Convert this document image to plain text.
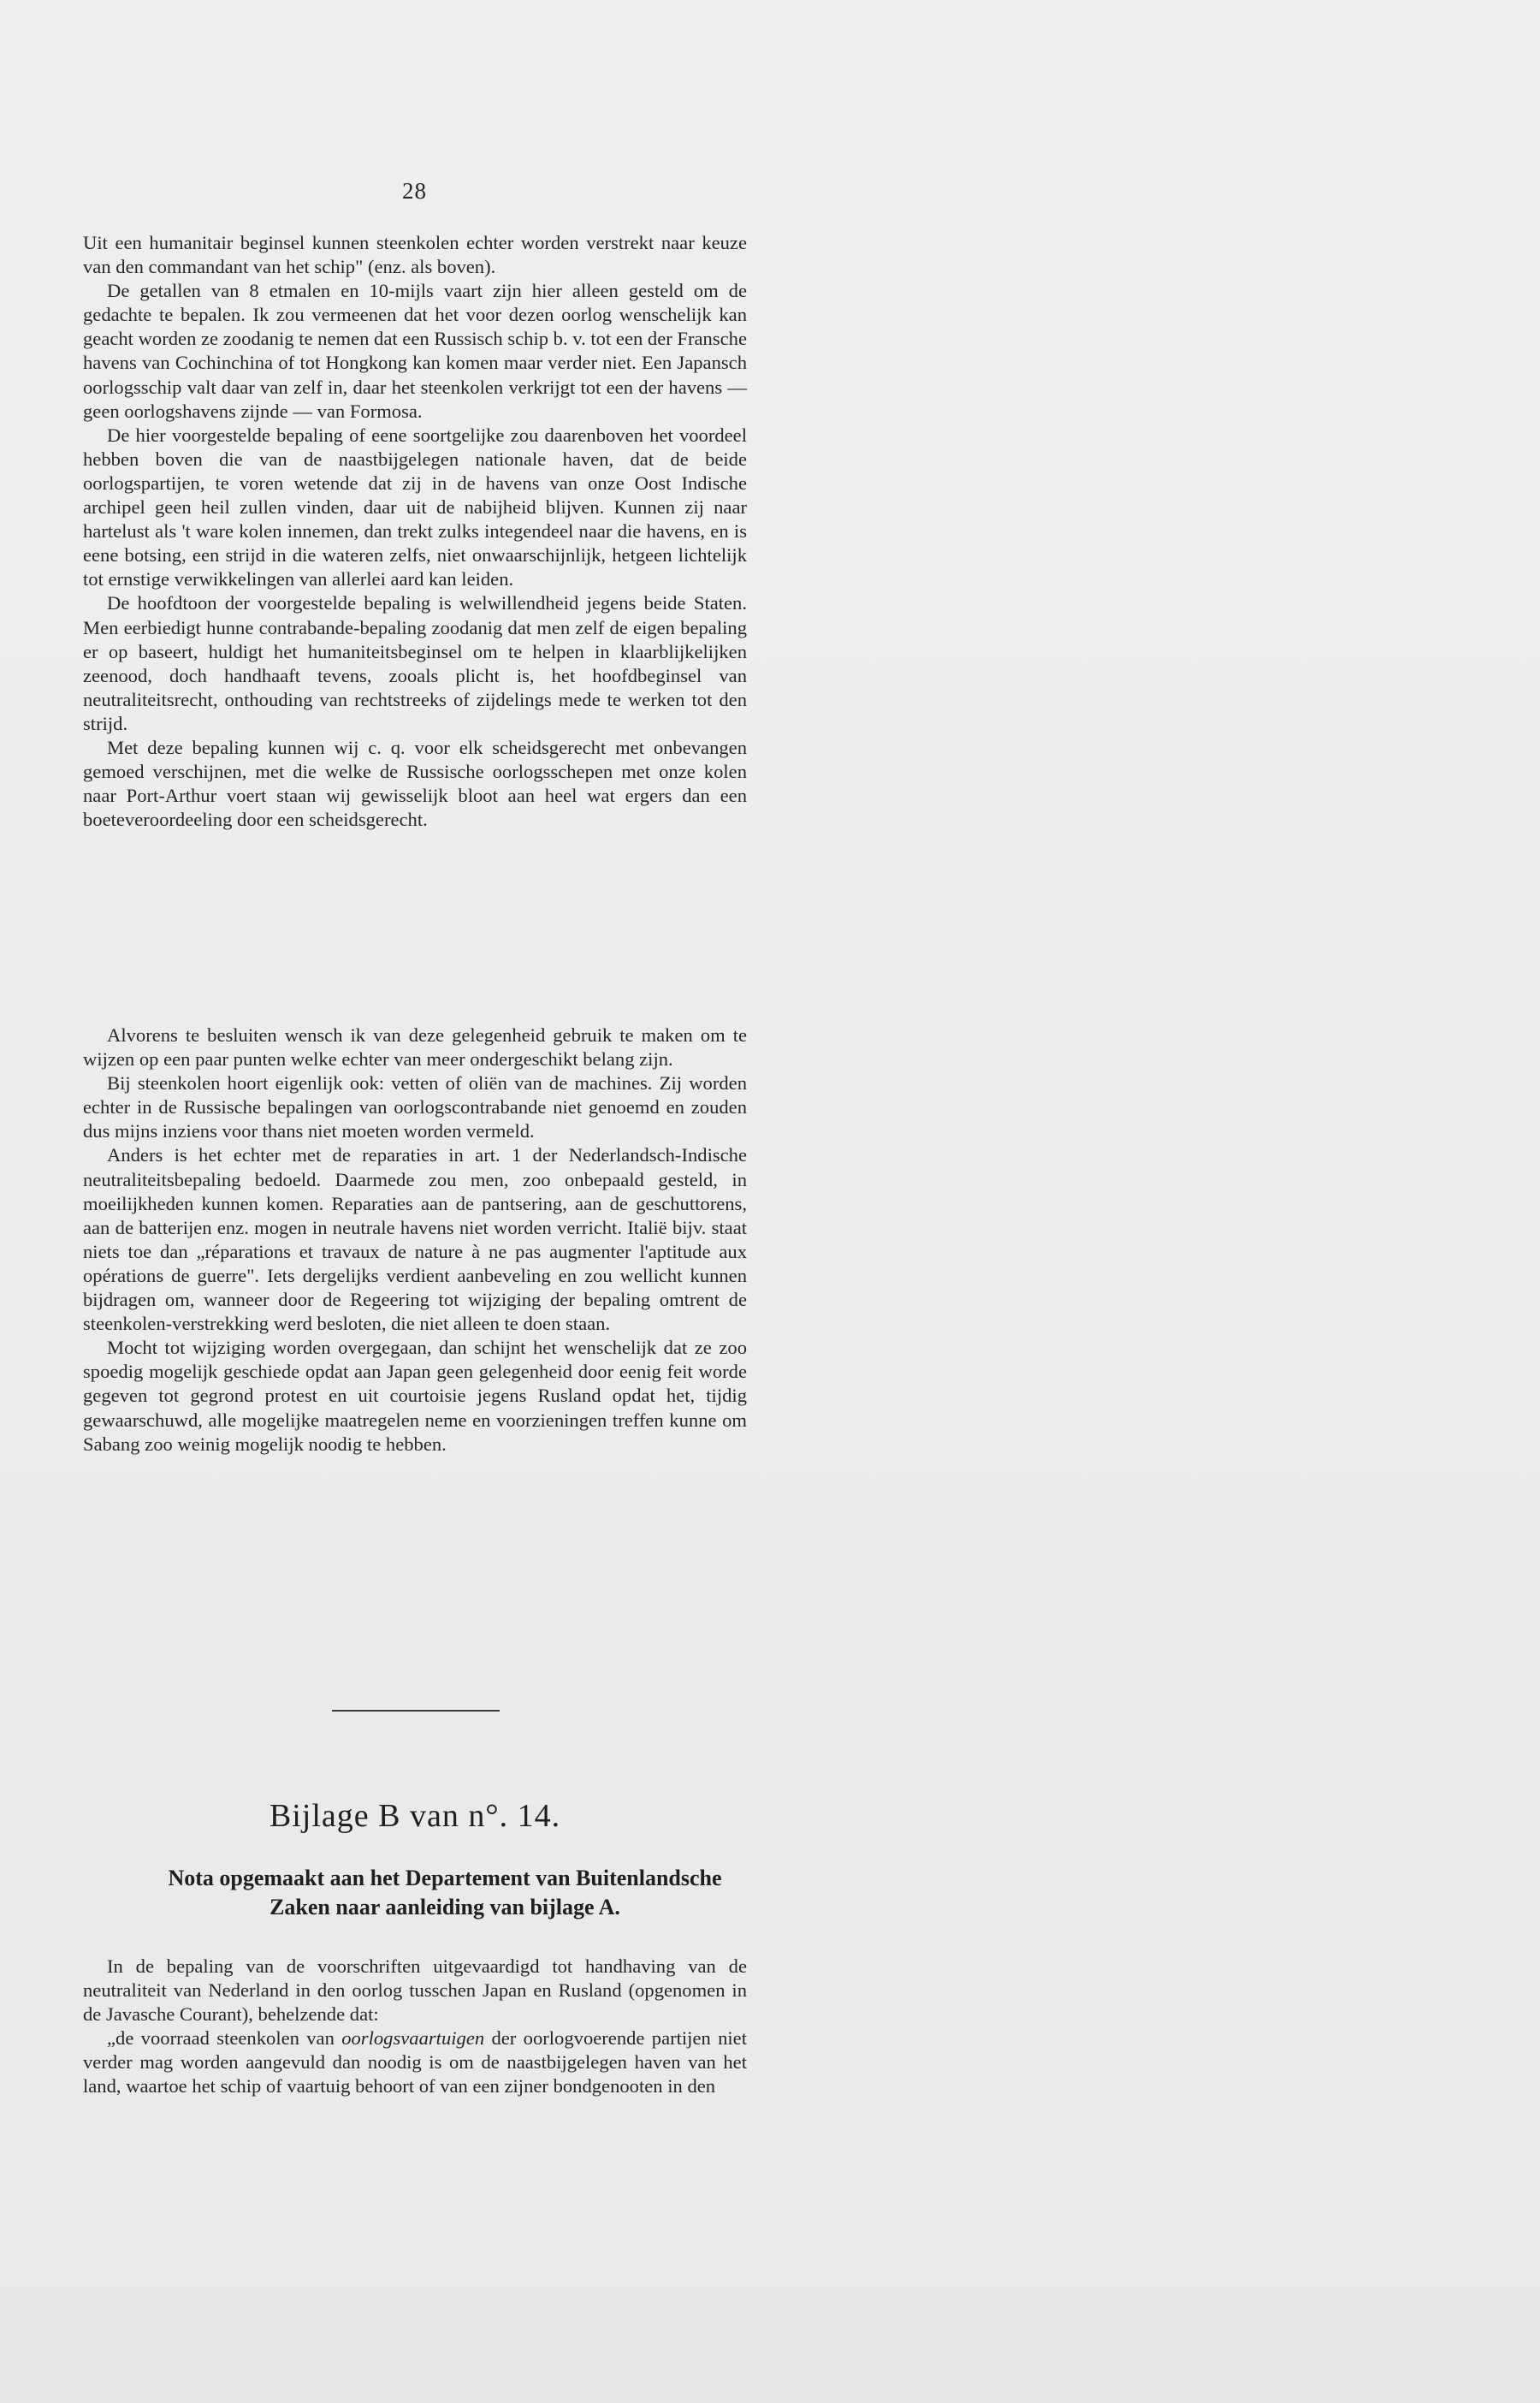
28

Uit een humanitair beginsel kunnen steenkolen echter worden verstrekt naar keuze van den commandant van het schip" (enz. als boven).

De getallen van 8 etmalen en 10-mijls vaart zijn hier alleen gesteld om de gedachte te bepalen. Ik zou vermeenen dat het voor dezen oorlog wenschelijk kan geacht worden ze zoodanig te nemen dat een Russisch schip b. v. tot een der Fransche havens van Cochinchina of tot Hongkong kan komen maar verder niet. Een Japansch oorlogsschip valt daar van zelf in, daar het steenkolen verkrijgt tot een der havens — geen oorlogshavens zijnde — van Formosa.

De hier voorgestelde bepaling of eene soortgelijke zou daarenboven het voordeel hebben boven die van de naastbijgelegen nationale haven, dat de beide oorlogspartijen, te voren wetende dat zij in de havens van onze Oost Indische archipel geen heil zullen vinden, daar uit de nabijheid blijven. Kunnen zij naar hartelust als 't ware kolen innemen, dan trekt zulks integendeel naar die havens, en is eene botsing, een strijd in die wateren zelfs, niet onwaarschijnlijk, hetgeen lichtelijk tot ernstige verwikkelingen van allerlei aard kan leiden.

De hoofdtoon der voorgestelde bepaling is welwillendheid jegens beide Staten. Men eerbiedigt hunne contrabande-bepaling zoodanig dat men zelf de eigen bepaling er op baseert, huldigt het humaniteitsbeginsel om te helpen in klaarblijkelijken zeenood, doch handhaaft tevens, zooals plicht is, het hoofdbeginsel van neutraliteitsrecht, onthouding van rechtstreeks of zijdelings mede te werken tot den strijd.

Met deze bepaling kunnen wij c. q. voor elk scheidsgerecht met onbevangen gemoed verschijnen, met die welke de Russische oorlogsschepen met onze kolen naar Port-Arthur voert staan wij gewisselijk bloot aan heel wat ergers dan een boeteveroordeeling door een scheidsgerecht.

Alvorens te besluiten wensch ik van deze gelegenheid gebruik te maken om te wijzen op een paar punten welke echter van meer ondergeschikt belang zijn.

Bij steenkolen hoort eigenlijk ook: vetten of oliën van de machines. Zij worden echter in de Russische bepalingen van oorlogscontrabande niet genoemd en zouden dus mijns inziens voor thans niet moeten worden vermeld.

Anders is het echter met de reparaties in art. 1 der Nederlandsch-Indische neutraliteitsbepaling bedoeld. Daarmede zou men, zoo onbepaald gesteld, in moeilijkheden kunnen komen. Reparaties aan de pantsering, aan de geschuttorens, aan de batterijen enz. mogen in neutrale havens niet worden verricht. Italië bijv. staat niets toe dan „réparations et travaux de nature à ne pas augmenter l'aptitude aux opérations de guerre". Iets dergelijks verdient aanbeveling en zou wellicht kunnen bijdragen om, wanneer door de Regeering tot wijziging der bepaling omtrent de steenkolen-verstrekking werd besloten, die niet alleen te doen staan.

Mocht tot wijziging worden overgegaan, dan schijnt het wenschelijk dat ze zoo spoedig mogelijk geschiede opdat aan Japan geen gelegenheid door eenig feit worde gegeven tot gegrond protest en uit courtoisie jegens Rusland opdat het, tijdig gewaarschuwd, alle mogelijke maatregelen neme en voorzieningen treffen kunne om Sabang zoo weinig mogelijk noodig te hebben.

Bijlage B van n°. 14.
Nota opgemaakt aan het Departement van Buitenlandsche Zaken naar aanleiding van bijlage A.

In de bepaling van de voorschriften uitgevaardigd tot handhaving van de neutraliteit van Nederland in den oorlog tusschen Japan en Rusland (opgenomen in de Javasche Courant), behelzende dat:

„de voorraad steenkolen van oorlogsvaartuigen der oorlogvoerende partijen niet verder mag worden aangevuld dan noodig is om de naastbijgelegen haven van het land, waartoe het schip of vaartuig behoort of van een zijner bondgenooten in den
